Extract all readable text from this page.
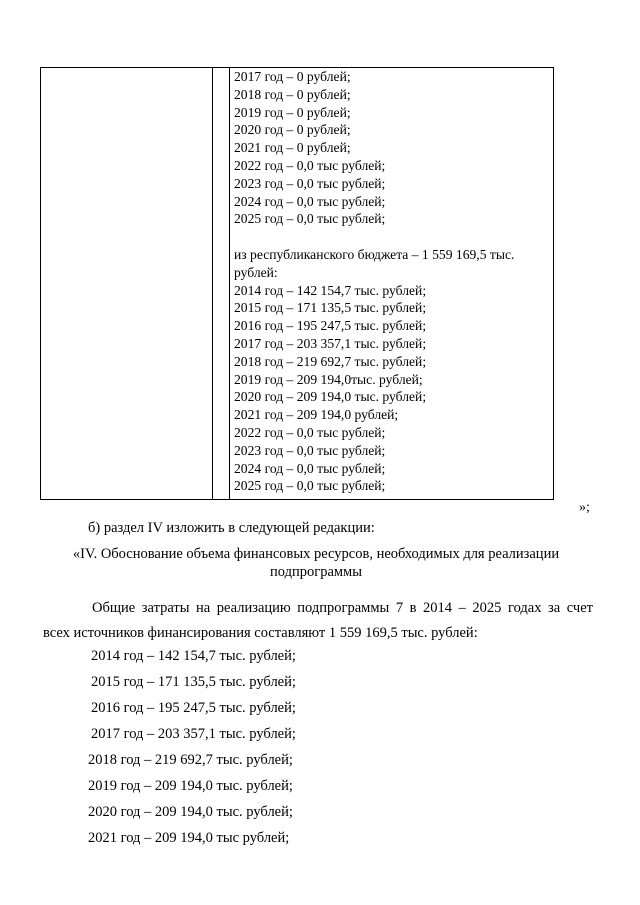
2017 год – 0 рублей;
2018 год – 0 рублей;
2019 год – 0 рублей;
2020 год – 0 рублей;
2021 год – 0 рублей;
2022 год – 0,0 тыс рублей;
2023 год – 0,0 тыс рублей;
2024 год – 0,0 тыс рублей;
2025 год – 0,0 тыс рублей;
из республиканского бюджета – 1 559 169,5 тыс. рублей:
2014 год – 142 154,7 тыс. рублей;
2015 год – 171 135,5 тыс. рублей;
2016 год – 195 247,5 тыс. рублей;
2017 год – 203 357,1 тыс. рублей;
2018 год – 219 692,7 тыс. рублей;
2019 год – 209 194,0тыс. рублей;
2020 год – 209 194,0 тыс. рублей;
2021 год – 209 194,0 рублей;
2022 год – 0,0 тыс рублей;
2023 год – 0,0 тыс рублей;
2024 год – 0,0 тыс рублей;
2025 год – 0,0 тыс рублей;
»;
б) раздел IV изложить в следующей редакции:
«IV. Обоснование объема финансовых ресурсов, необходимых для реализации подпрограммы
Общие затраты на реализацию подпрограммы 7 в 2014 – 2025 годах за счет
всех источников финансирования составляют 1 559 169,5 тыс. рублей:
2014 год – 142 154,7 тыс. рублей;
2015 год – 171 135,5 тыс. рублей;
2016 год – 195 247,5 тыс. рублей;
2017 год – 203 357,1 тыс. рублей;
2018 год – 219 692,7 тыс. рублей;
2019 год – 209 194,0 тыс. рублей;
2020 год – 209 194,0 тыс. рублей;
2021 год – 209 194,0 тыс рублей;
